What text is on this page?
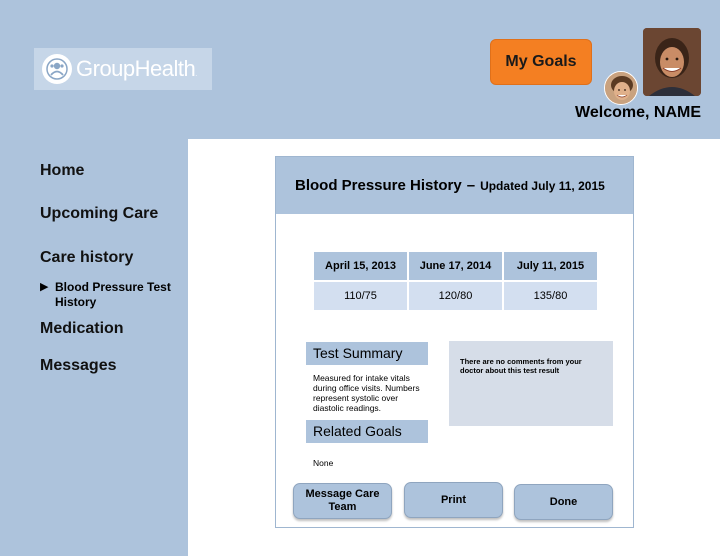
GroupHealth.
My Goals
Welcome, NAME
Home
Upcoming Care
Care history
▶ Blood Pressure Test History
Medication
Messages
Blood Pressure History – Updated July 11, 2015
April 15, 2013	June 17, 2014	July 11, 2015
110/75	120/80	135/80
Test Summary
Measured for intake vitals during office visits. Numbers represent systolic over diastolic readings.
Related Goals
None
There are no comments from your doctor about this test result
Message Care Team
Print	Done
